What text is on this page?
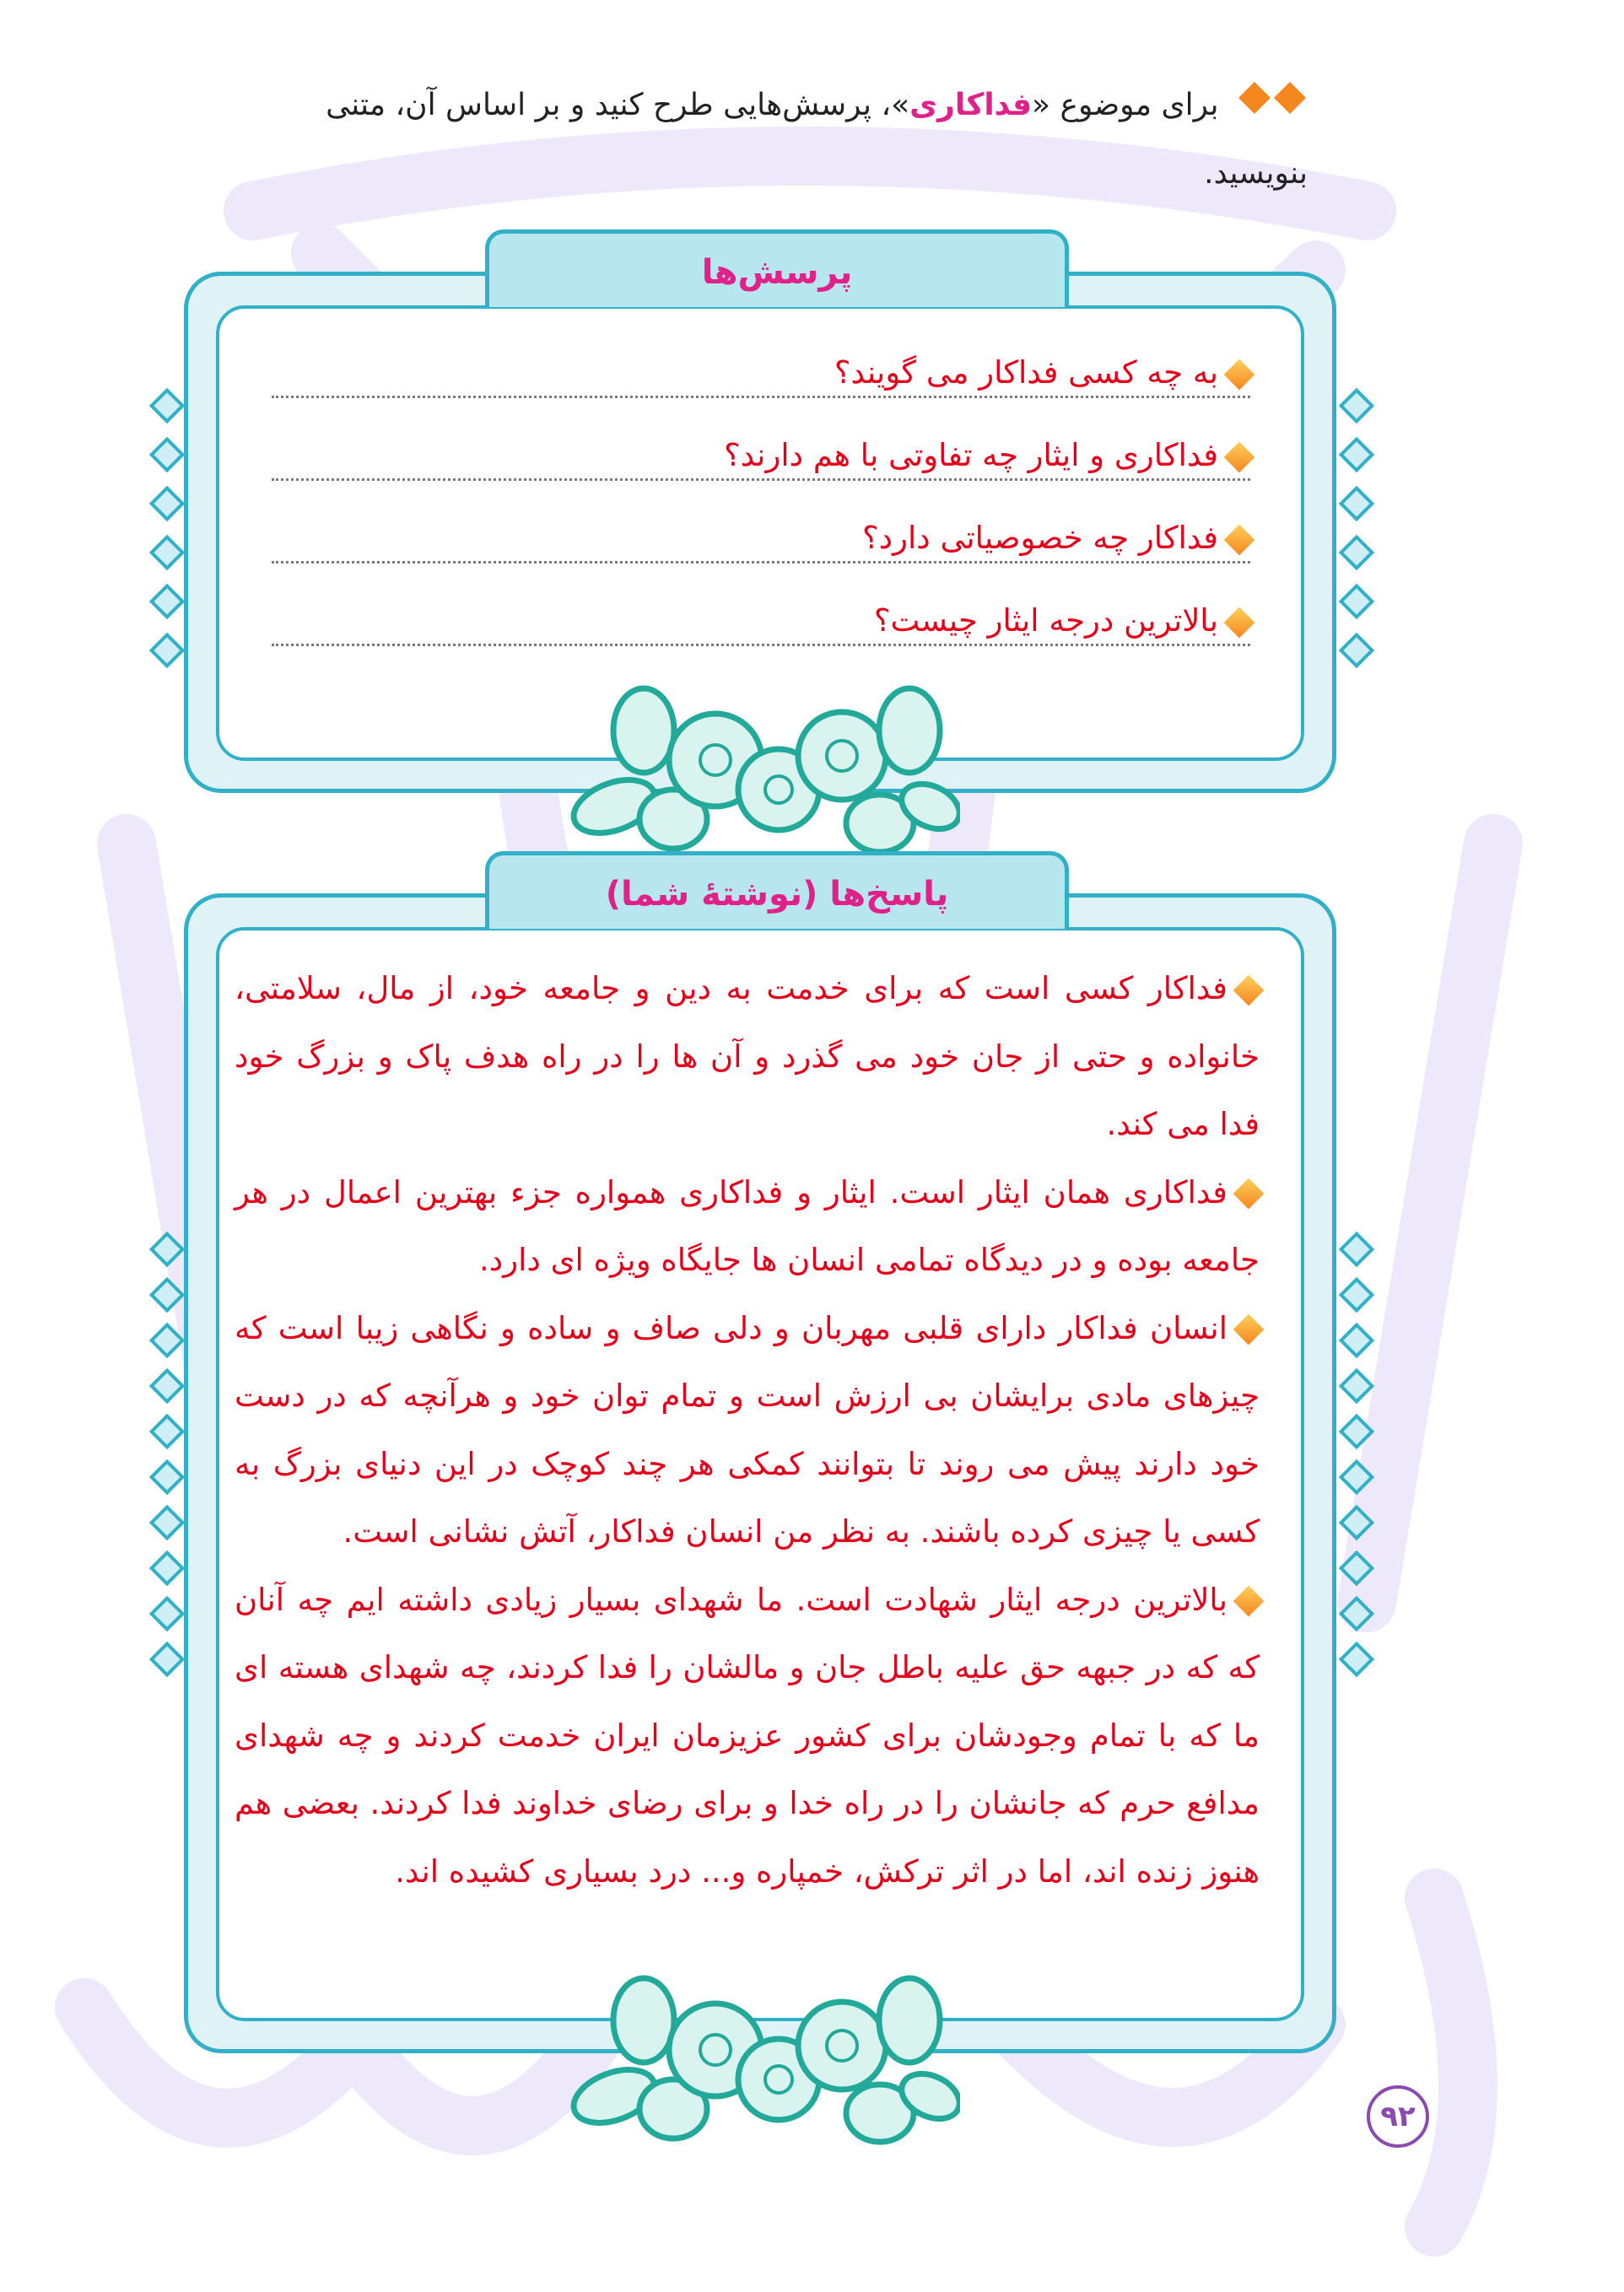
برای موضوع «فداکاری»، پرسش‌هایی طرح کنید و بر اساس آن، متنی بنویسید.
پرسش‌ها
به چه کسی فداکار می گویند؟
فداکاری و ایثار چه تفاوتی با هم دارند؟
فداکار چه خصوصیاتی دارد؟
بالاترین درجه ایثار چیست؟
پاسخ‌ها (نوشتۀ شما)

فداکار کسی است که برای خدمت به دین و جامعه خود، از مال، سلامتی، خانواده و حتی از جان خود می گذرد و آن ها را در راه هدف پاک و بزرگ خود فدا می کند.

فداکاری همان ایثار است. ایثار و فداکاری همواره جزء بهترین اعمال در هر جامعه بوده و در دیدگاه تمامی انسان ها جایگاه ویژه ای دارد.

انسان فداکار دارای قلبی مهربان و دلی صاف و ساده و نگاهی زیبا است که چیزهای مادی برایشان بی ارزش است و تمام توان خود و هرآنچه که در دست خود دارند پیش می روند تا بتوانند کمکی هر چند کوچک در این دنیای بزرگ به کسی یا چیزی کرده باشند. به نظر من انسان فداکار، آتش نشانی است.

بالاترین درجه ایثار شهادت است. ما شهدای بسیار زیادی داشته ایم چه آنان که که در جبهه حق علیه باطل جان و مالشان را فدا کردند، چه شهدای هسته ای ما که با تمام وجودشان برای کشور عزیزمان ایران خدمت کردند و چه شهدای مدافع حرم که جانشان را در راه خدا و برای رضای خداوند فدا کردند. بعضی هم هنوز زنده اند، اما در اثر ترکش، خمپاره و... درد بسیاری کشیده اند.

۹۲
